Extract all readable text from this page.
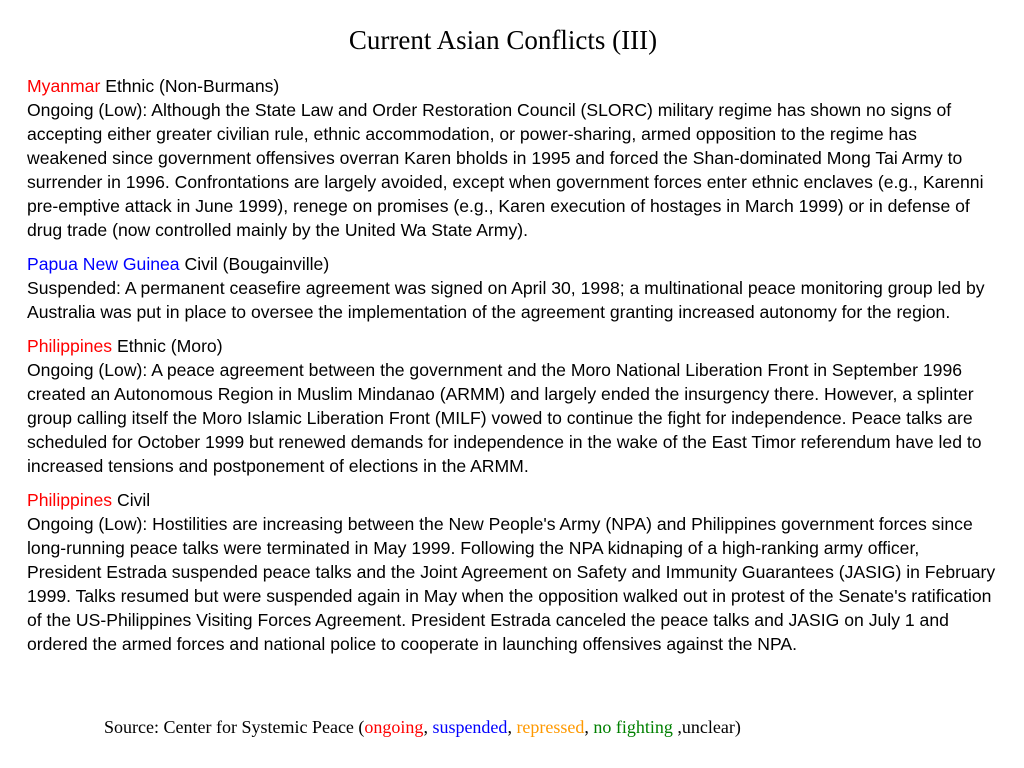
Current Asian Conflicts (III)
Myanmar Ethnic (Non-Burmans)
Ongoing (Low): Although the State Law and Order Restoration Council (SLORC) military regime has shown no signs of accepting either greater civilian rule, ethnic accommodation, or power-sharing, armed opposition to the regime has weakened since government offensives overran Karen bholds in 1995 and forced the Shan-dominated Mong Tai Army to surrender in 1996. Confrontations are largely avoided, except when government forces enter ethnic enclaves (e.g., Karenni pre-emptive attack in June 1999), renege on promises (e.g., Karen execution of hostages in March 1999) or in defense of drug trade (now controlled mainly by the United Wa State Army).
Papua New Guinea Civil (Bougainville)
Suspended: A permanent ceasefire agreement was signed on April 30, 1998; a multinational peace monitoring group led by Australia was put in place to oversee the implementation of the agreement granting increased autonomy for the region.
Philippines Ethnic (Moro)
Ongoing (Low): A peace agreement between the government and the Moro National Liberation Front in September 1996 created an Autonomous Region in Muslim Mindanao (ARMM) and largely ended the insurgency there. However, a splinter group calling itself the Moro Islamic Liberation Front (MILF) vowed to continue the fight for independence. Peace talks are scheduled for October 1999 but renewed demands for independence in the wake of the East Timor referendum have led to increased tensions and postponement of elections in the ARMM.
Philippines Civil
Ongoing (Low): Hostilities are increasing between the New People's Army (NPA) and Philippines government forces since long-running peace talks were terminated in May 1999. Following the NPA kidnaping of a high-ranking army officer, President Estrada suspended peace talks and the Joint Agreement on Safety and Immunity Guarantees (JASIG) in February 1999. Talks resumed but were suspended again in May when the opposition walked out in protest of the Senate's ratification of the US-Philippines Visiting Forces Agreement. President Estrada canceled the peace talks and JASIG on July 1 and ordered the armed forces and national police to cooperate in launching offensives against the NPA.
Source: Center for Systemic Peace (ongoing, suspended, repressed, no fighting ,unclear)
